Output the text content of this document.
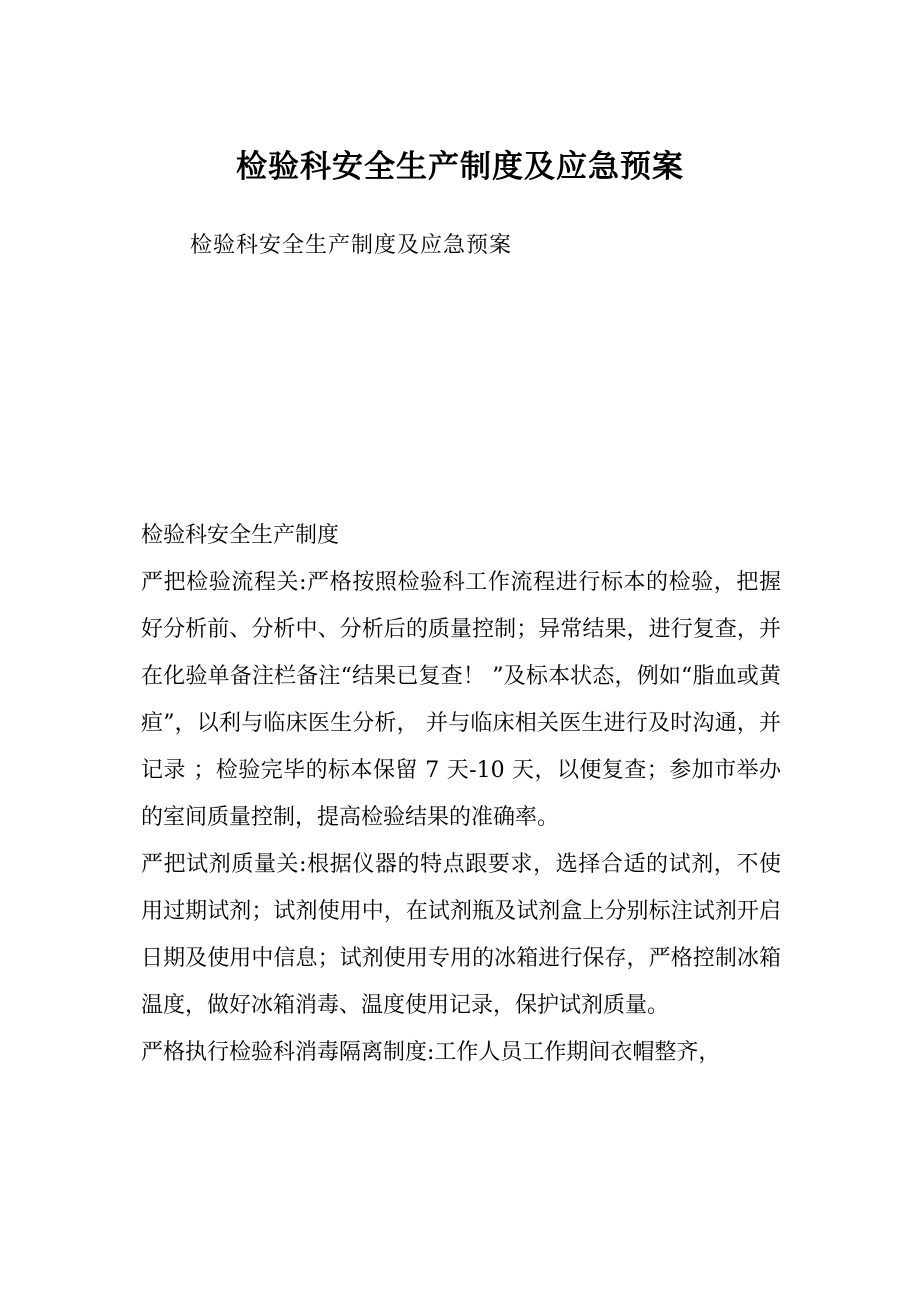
检验科安全生产制度及应急预案
检验科安全生产制度及应急预案

检验科安全生产制度

严把检验流程关:严格按照检验科工作流程进行标本的检验，把握好分析前、分析中、分析后的质量控制；异常结果，进行复查，并在化验单备注栏备注“结果已复查！ ”及标本状态，例如“脂血或黄疸”，以利与临床医生分析， 并与临床相关医生进行及时沟通，并记录 ；检验完毕的标本保留 7 天-10 天，以便复查；参加市举办的室间质量控制，提高检验结果的准确率。

严把试剂质量关:根据仪器的特点跟要求，选择合适的试剂，不使用过期试剂；试剂使用中，在试剂瓶及试剂盒上分别标注试剂开启日期及使用中信息；试剂使用专用的冰箱进行保存，严格控制冰箱温度，做好冰箱消毒、温度使用记录，保护试剂质量。

严格执行检验科消毒隔离制度:工作人员工作期间衣帽整齐，
